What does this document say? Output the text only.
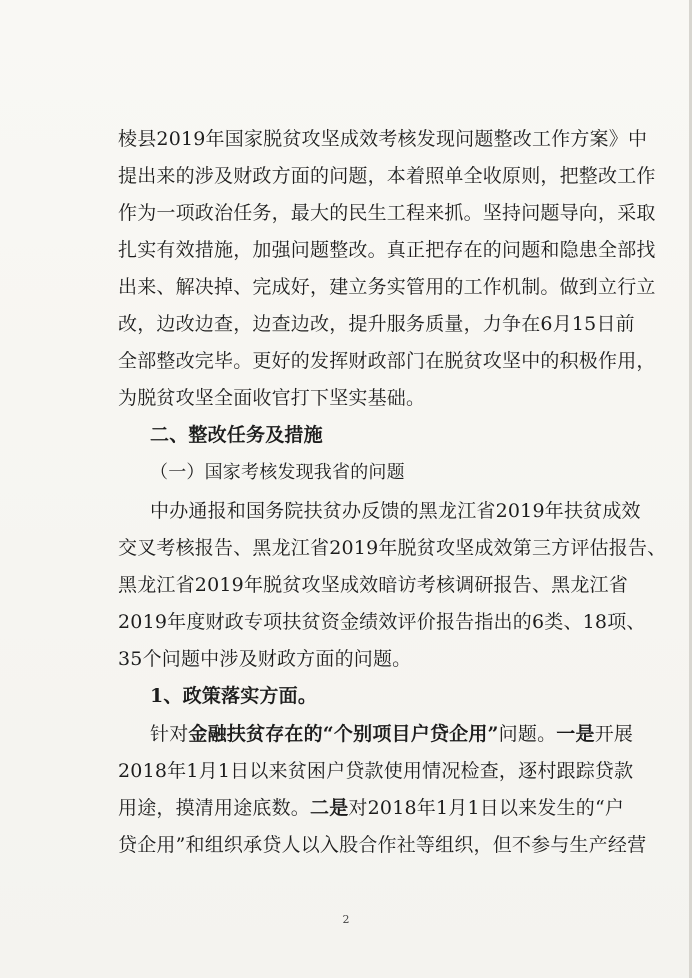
棱县2019年国家脱贫攻坚成效考核发现问题整改工作方案》中
提出来的涉及财政方面的问题，本着照单全收原则，把整改工作
作为一项政治任务，最大的民生工程来抓。坚持问题导向，采取
扎实有效措施，加强问题整改。真正把存在的问题和隐患全部找
出来、解决掉、完成好，建立务实管用的工作机制。做到立行立
改，边改边查，边查边改，提升服务质量，力争在6月15日前
全部整改完毕。更好的发挥财政部门在脱贫攻坚中的积极作用，
为脱贫攻坚全面收官打下坚实基础。
二、整改任务及措施
（一）国家考核发现我省的问题
中办通报和国务院扶贫办反馈的黑龙江省2019年扶贫成效
交叉考核报告、黑龙江省2019年脱贫攻坚成效第三方评估报告、
黑龙江省2019年脱贫攻坚成效暗访考核调研报告、黑龙江省
2019年度财政专项扶贫资金绩效评价报告指出的6类、18项、
35个问题中涉及财政方面的问题。
1、政策落实方面。
针对金融扶贫存在的“个别项目户贷企用”问题。一是开展
2018年1月1日以来贫困户贷款使用情况检查，逐村跟踪贷款
用途，摸清用途底数。二是对2018年1月1日以来发生的“户
贷企用”和组织承贷人以入股合作社等组织，但不参与生产经营
2
